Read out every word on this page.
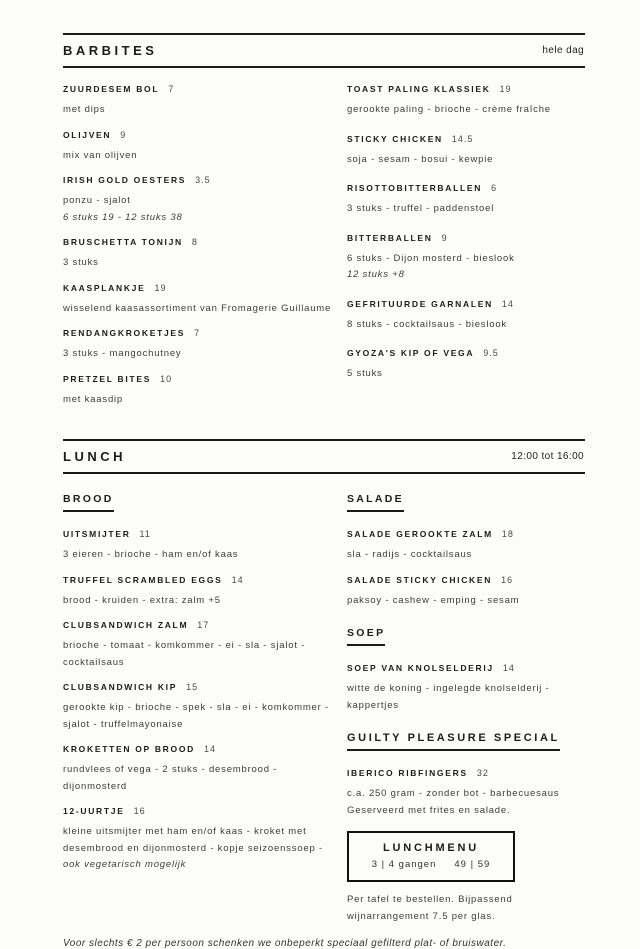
BARBITES	hele dag

ZUURDESEM BOL 7

met dips

OLIJVEN 9

mix van olijven

IRISH GOLD OESTERS 3.5

ponzu - sjalot

6 stuks 19 - 12 stuks 38

BRUSCHETTA TONIJN 8

3 stuks

KAASPLANKJE 19

wisselend kaasassortiment van Fromagerie Guillaume

RENDANGKROKETJES 7

3 stuks - mangochutney

PRETZEL BITES 10

met kaasdip

TOAST PALING KLASSIEK 19

gerookte paling - brioche - crème fraîche

STICKY CHICKEN 14.5

soja - sesam - bosui - kewpie

RISOTTOBITTERBALLEN 6

3 stuks - truffel - paddenstoel

BITTERBALLEN 9

6 stuks - Dijon mosterd - bieslook

12 stuks +8

GEFRITUURDE GARNALEN 14

8 stuks - cocktailsaus - bieslook

GYOZA'S KIP OF VEGA 9.5

5 stuks

LUNCH	12:00 tot 16:00
BROOD

UITSMIJTER 11

3 eieren - brioche - ham en/of kaas

TRUFFEL SCRAMBLED EGGS 14

brood - kruiden - extra: zalm +5

CLUBSANDWICH ZALM 17

brioche - tomaat - komkommer - ei - sla - sjalot - cocktailsaus

CLUBSANDWICH KIP 15

gerookte kip - brioche - spek - sla - ei - komkommer - sjalot - truffelmayonaise

KROKETTEN OP BROOD 14

rundvlees of vega - 2 stuks - desembrood - dijonmosterd

12-UURTJE 16

kleine uitsmijter met ham en/of kaas - kroket met desembrood en dijonmosterd - kopje seizoenssoep - ook vegetarisch mogelijk

SALADE

SALADE GEROOKTE ZALM 18

sla - radijs - cocktailsaus

SALADE STICKY CHICKEN 16

paksoy - cashew - emping - sesam

SOEP

SOEP VAN KNOLSELDERIJ 14

witte de koning - ingelegde knolselderij - kappertjes

GUILTY PLEASURE SPECIAL

IBERICO RIBFINGERS 32

c.a. 250 gram - zonder bot - barbecuesaus

Geserveerd met frites en salade.

LUNCHMENU

3 | 4 gangen 49 | 59

Per tafel te bestellen. Bijpassend wijnarrangement 7.5 per glas.

Voor slechts € 2 per persoon schenken we onbeperkt speciaal gefilterd plat- of bruiswater.
